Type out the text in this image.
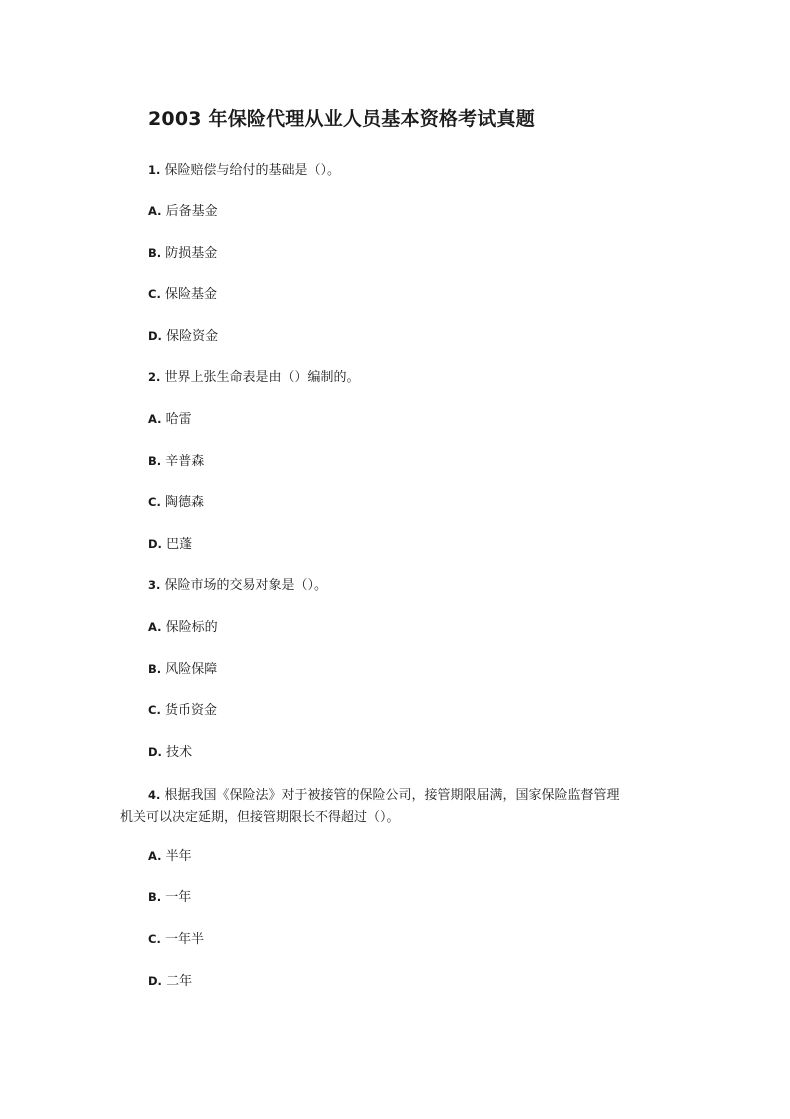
2003 年保险代理从业人员基本资格考试真题
1. 保险赔偿与给付的基础是（）。
A. 后备基金
B. 防损基金
C. 保险基金
D. 保险资金
2. 世界上张生命表是由（）编制的。
A. 哈雷
B. 辛普森
C. 陶德森
D. 巴蓬
3. 保险市场的交易对象是（）。
A. 保险标的
B. 风险保障
C. 货币资金
D. 技术
4. 根据我国《保险法》对于被接管的保险公司，接管期限届满，国家保险监督管理
机关可以决定延期，但接管期限长不得超过（）。
A. 半年
B. 一年
C. 一年半
D. 二年
